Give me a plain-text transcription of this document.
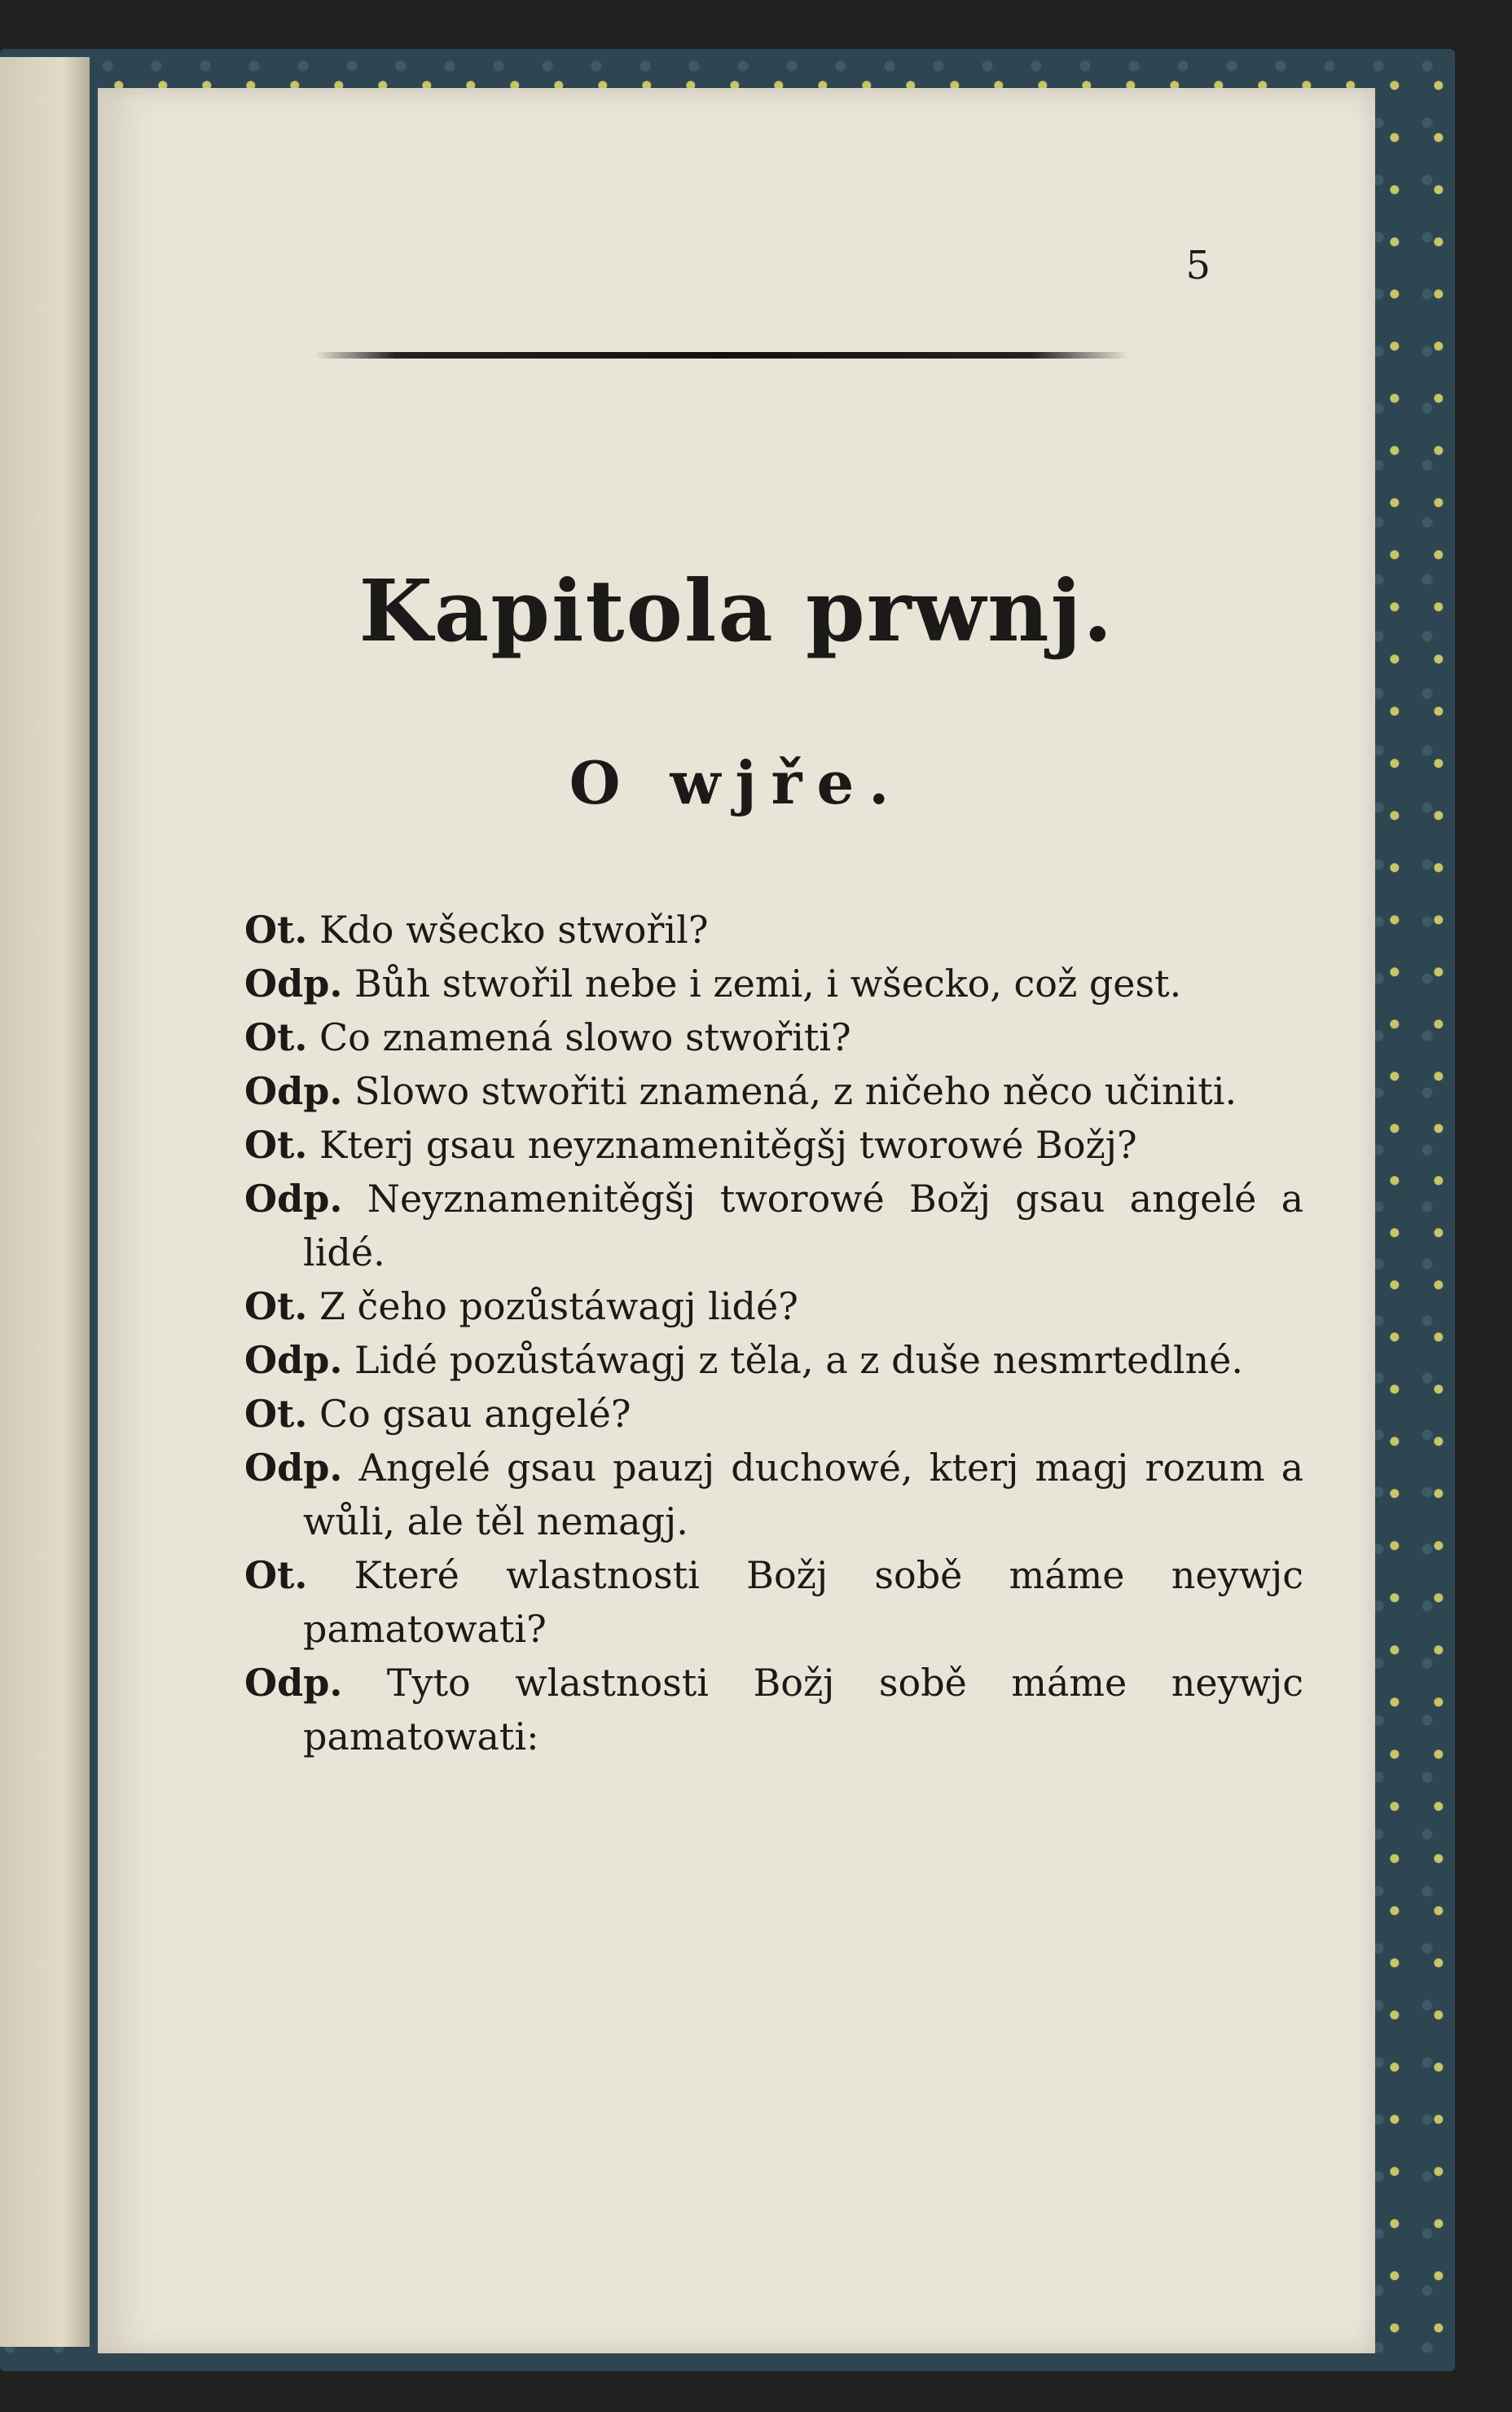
5
Kapitola prwnj.
O wjře.
Ot. Kdo wšecko stwořil?
Odp. Bůh stwořil nebe i zemi, i wšecko, což gest.
Ot. Co znamená slowo stwořiti?
Odp. Slowo stwořiti znamená, z ničeho něco učiniti.
Ot. Kterj gsau neyznamenitěgšj tworowé Božj?
Odp. Neyznamenitěgšj tworowé Božj gsau angelé a lidé.
Ot. Z čeho pozůstáwagj lidé?
Odp. Lidé pozůstáwagj z těla, a z duše nesmrtedlné.
Ot. Co gsau angelé?
Odp. Angelé gsau pauzj duchowé, kterj magj rozum a wůli, ale těl nemagj.
Ot. Které wlastnosti Božj sobě máme neywjc pamatowati?
Odp. Tyto wlastnosti Božj sobě máme neywjc pamatowati:
